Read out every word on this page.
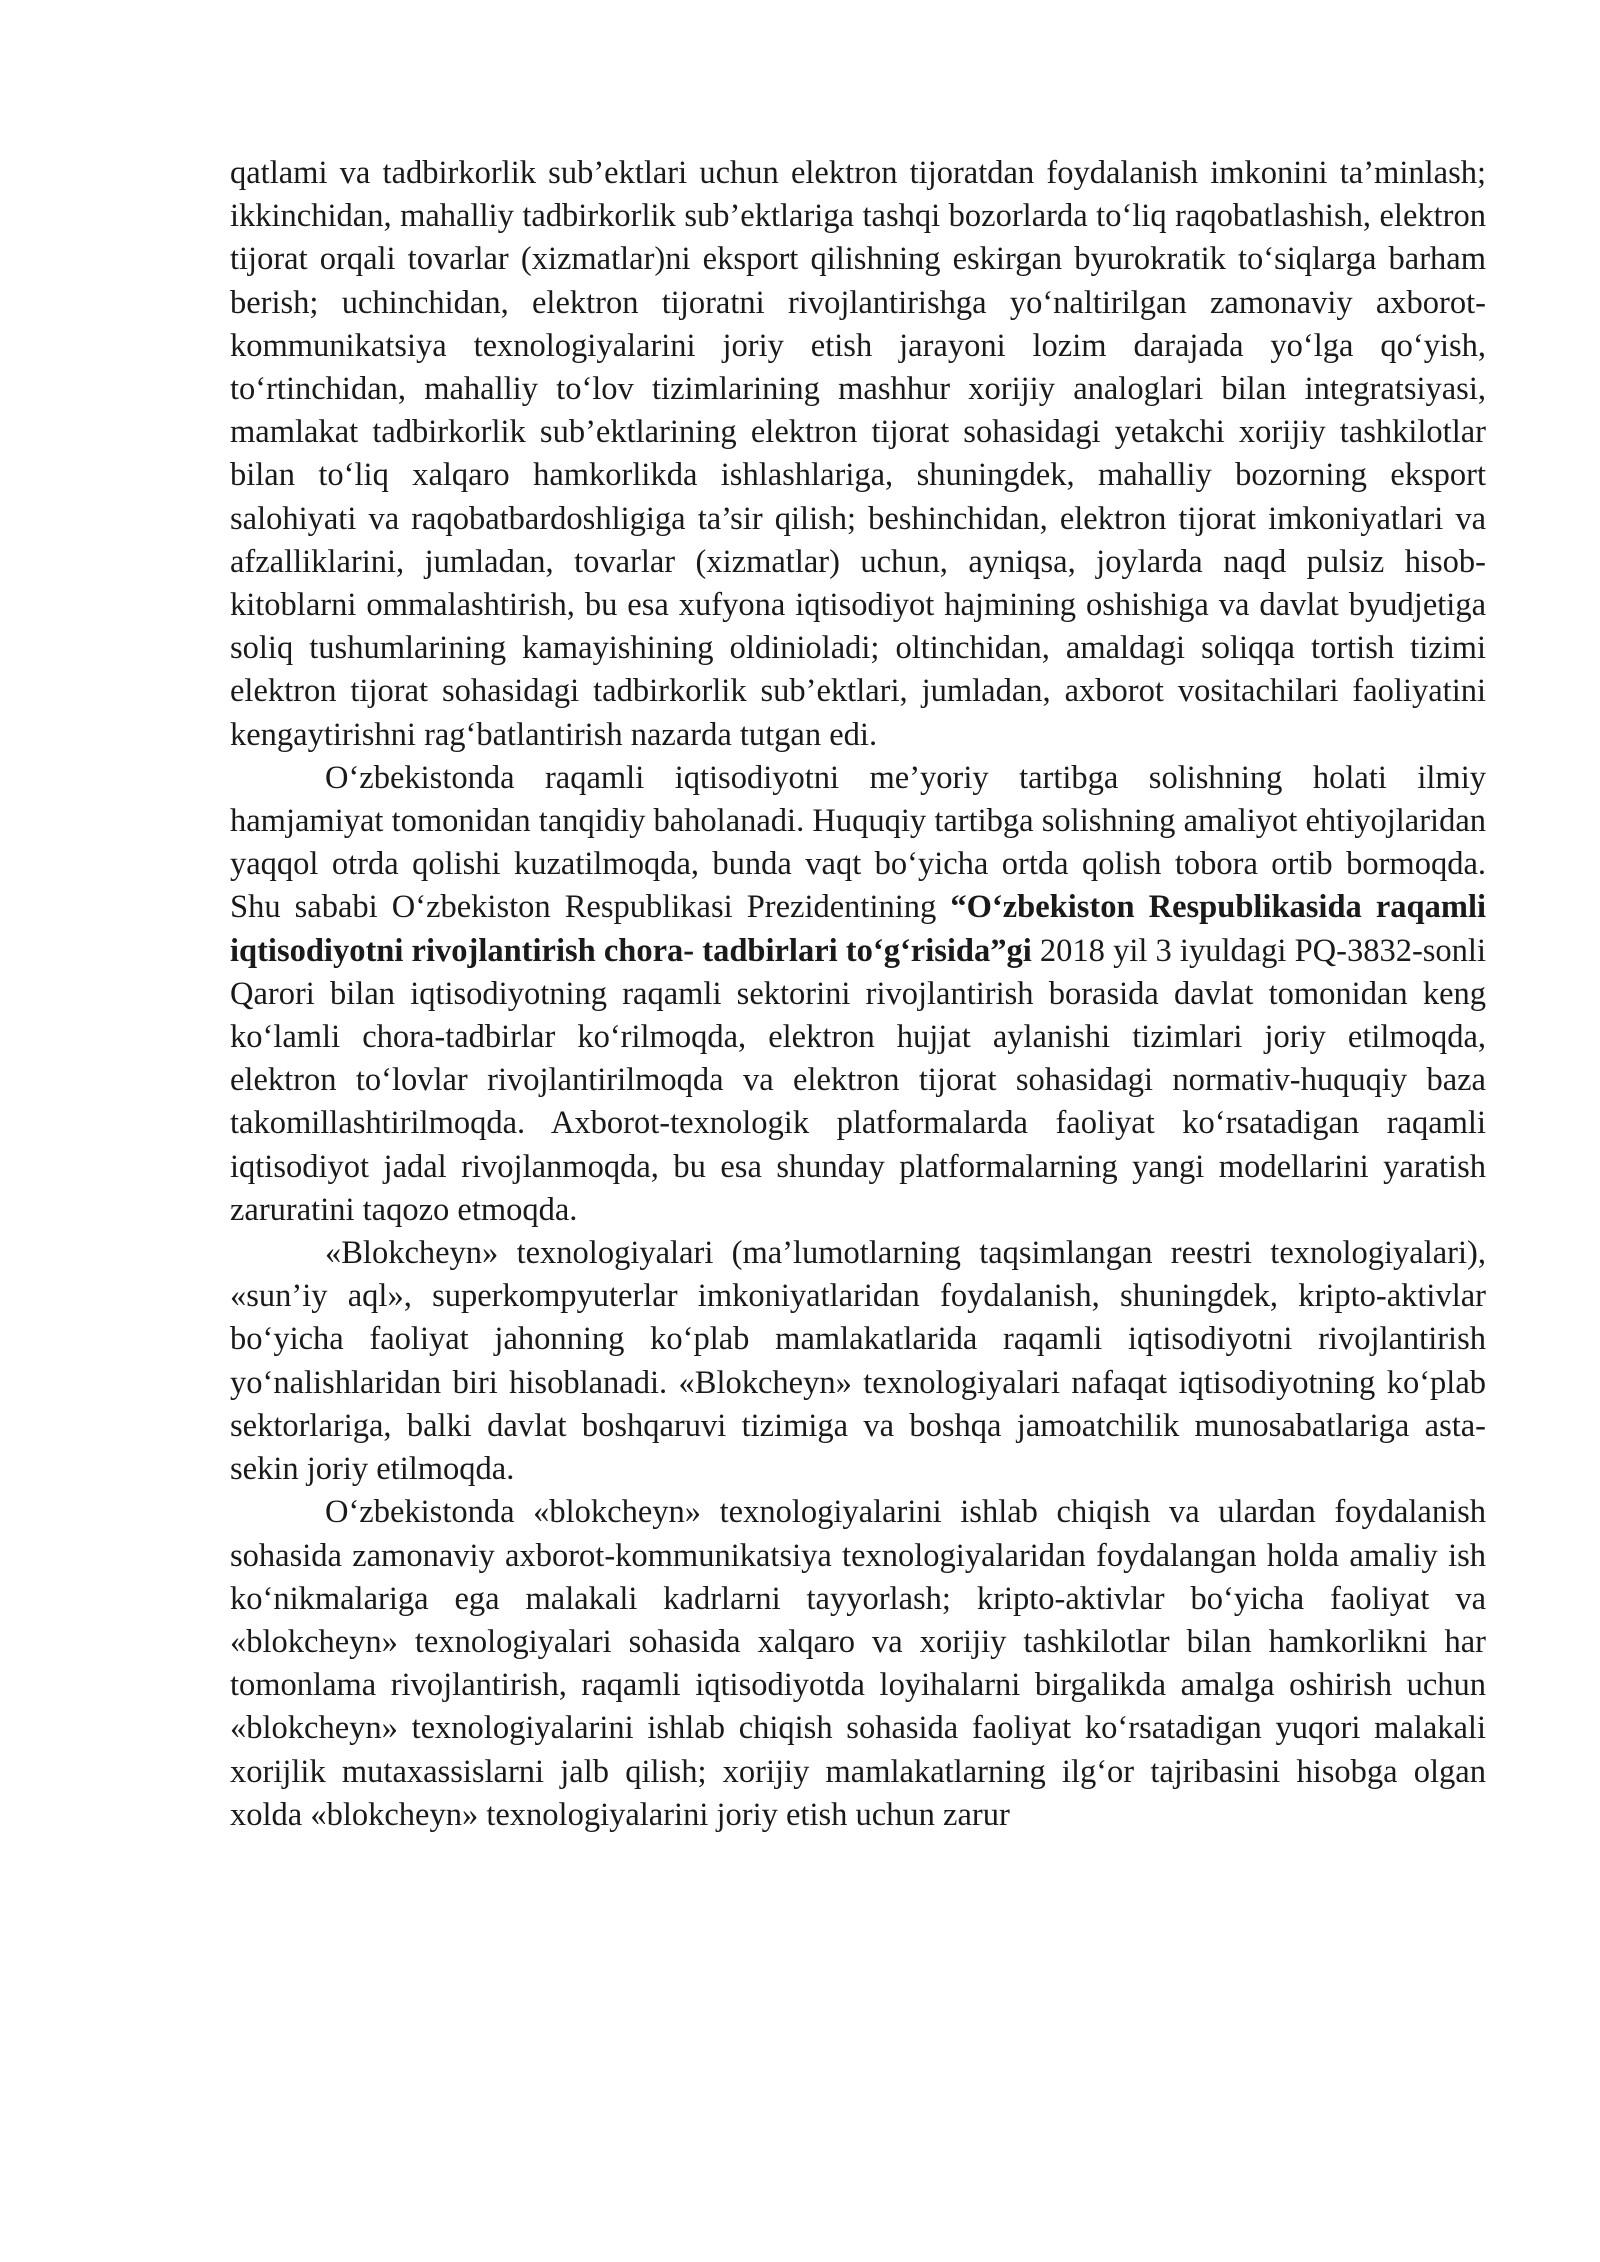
qatlami va tadbirkorlik sub’ektlari uchun elektron tijoratdan foydalanish imkonini ta’minlash; ikkinchidan, mahalliy tadbirkorlik sub’ektlariga tashqi bozorlarda to‘liq raqobatlashish, elektron tijorat orqali tovarlar (xizmatlar)ni eksport qilishning eskirgan byurokratik to‘siqlarga barham berish; uchinchidan, elektron tijoratni rivojlantirishga yo‘naltirilgan zamonaviy axborot-kommunikatsiya texnologiyalarini joriy etish jarayoni lozim darajada yo‘lga qo‘yish, to‘rtinchidan, mahalliy to‘lov tizimlarining mashhur xorijiy analoglari bilan integratsiyasi, mamlakat tadbirkorlik sub’ektlarining elektron tijorat sohasidagi yetakchi xorijiy tashkilotlar bilan to‘liq xalqaro hamkorlikda ishlashlariga, shuningdek, mahalliy bozorning eksport salohiyati va raqobatbardoshligiga ta’sir qilish; beshinchidan, elektron tijorat imkoniyatlari va afzalliklarini, jumladan, tovarlar (xizmatlar) uchun, ayniqsa, joylarda naqd pulsiz hisob-kitoblarni ommalashtirish, bu esa xufyona iqtisodiyot hajmining oshishiga va davlat byudjetiga soliq tushumlarining kamayishining oldinioladi; oltinchidan, amaldagi soliqqa tortish tizimi elektron tijorat sohasidagi tadbirkorlik sub’ektlari, jumladan, axborot vositachilari faoliyatini kengaytirishni rag‘batlantirish nazarda tutgan edi.

O‘zbekistonda raqamli iqtisodiyotni me’yoriy tartibga solishning holati ilmiy hamjamiyat tomonidan tanqidiy baholanadi. Huquqiy tartibga solishning amaliyot ehtiyojlaridan yaqqol otrda qolishi kuzatilmoqda, bunda vaqt bo‘yicha ortda qolish tobora ortib bormoqda. Shu sababi O‘zbekiston Respublikasi Prezidentining “O‘zbekiston Respublikasida raqamli iqtisodiyotni rivojlantirish chora- tadbirlari to‘g‘risida”gi 2018 yil 3 iyuldagi PQ-3832-sonli Qarori bilan iqtisodiyotning raqamli sektorini rivojlantirish borasida davlat tomonidan keng ko‘lamli chora-tadbirlar ko‘rilmoqda, elektron hujjat aylanishi tizimlari joriy etilmoqda, elektron to‘lovlar rivojlantirilmoqda va elektron tijorat sohasidagi normativ-huquqiy baza takomillashtirilmoqda. Axborot-texnologik platformalarda faoliyat ko‘rsatadigan raqamli iqtisodiyot jadal rivojlanmoqda, bu esa shunday platformalarning yangi modellarini yaratish zaruratini taqozo etmoqda.

«Blokcheyn» texnologiyalari (ma’lumotlarning taqsimlangan reestri texnologiyalari), «sun’iy aql», superkompyuterlar imkoniyatlaridan foydalanish, shuningdek, kripto-aktivlar bo‘yicha faoliyat jahonning ko‘plab mamlakatlarida raqamli iqtisodiyotni rivojlantirish yo‘nalishlaridan biri hisoblanadi. «Blokcheyn» texnologiyalari nafaqat iqtisodiyotning ko‘plab sektorlariga, balki davlat boshqaruvi tizimiga va boshqa jamoatchilik munosabatlariga asta-sekin joriy etilmoqda.

O‘zbekistonda «blokcheyn» texnologiyalarini ishlab chiqish va ulardan foydalanish sohasida zamonaviy axborot-kommunikatsiya texnologiyalaridan foydalangan holda amaliy ish ko‘nikmalariga ega malakali kadrlarni tayyorlash; kripto-aktivlar bo‘yicha faoliyat va «blokcheyn» texnologiyalari sohasida xalqaro va xorijiy tashkilotlar bilan hamkorlikni har tomonlama rivojlantirish, raqamli iqtisodiyotda loyihalarni birgalikda amalga oshirish uchun «blokcheyn» texnologiyalarini ishlab chiqish sohasida faoliyat ko‘rsatadigan yuqori malakali xorijlik mutaxassislarni jalb qilish; xorijiy mamlakatlarning ilg‘or tajribasini hisobga olgan xolda «blokcheyn» texnologiyalarini joriy etish uchun zarur
